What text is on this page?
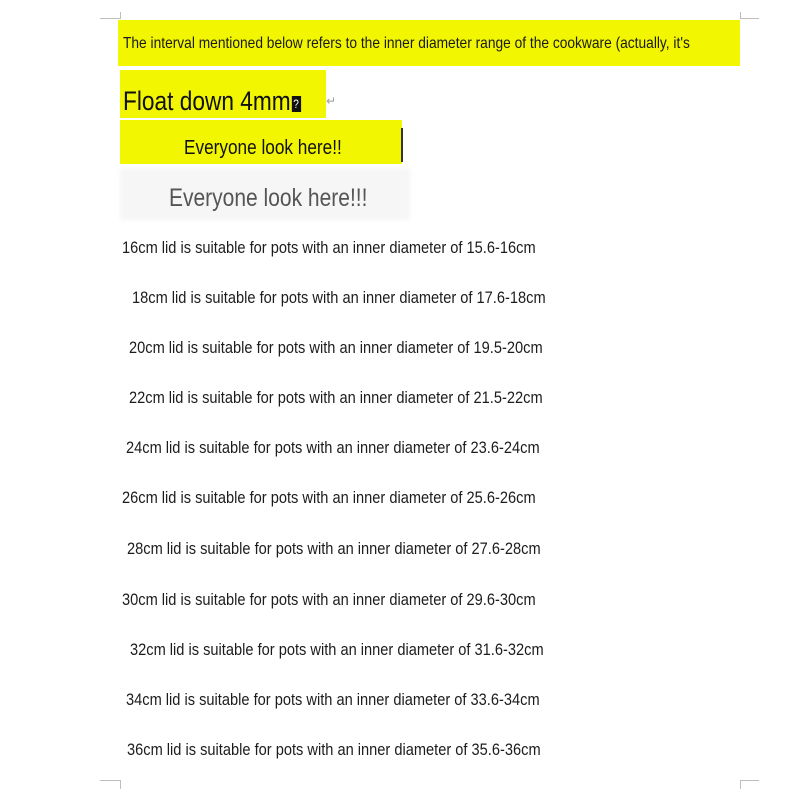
The interval mentioned below refers to the inner diameter range of the cookware (actually, it's
Float down 4mm ? ↵
Everyone look here!!
Everyone look here!!!
16cm lid is suitable for pots with an inner diameter of 15.6-16cm
18cm lid is suitable for pots with an inner diameter of 17.6-18cm
20cm lid is suitable for pots with an inner diameter of 19.5-20cm
22cm lid is suitable for pots with an inner diameter of 21.5-22cm
24cm lid is suitable for pots with an inner diameter of 23.6-24cm
26cm lid is suitable for pots with an inner diameter of 25.6-26cm
28cm lid is suitable for pots with an inner diameter of 27.6-28cm
30cm lid is suitable for pots with an inner diameter of 29.6-30cm
32cm lid is suitable for pots with an inner diameter of 31.6-32cm
34cm lid is suitable for pots with an inner diameter of 33.6-34cm
36cm lid is suitable for pots with an inner diameter of 35.6-36cm
